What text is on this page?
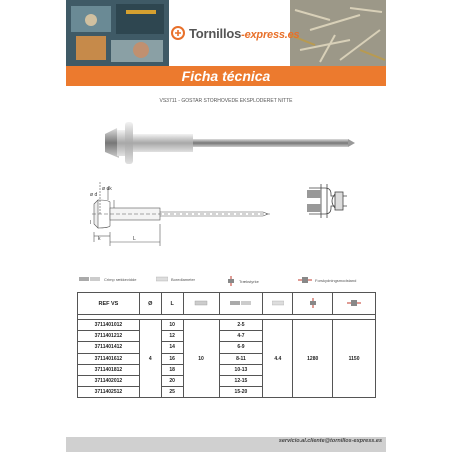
Tornillos-express.es
Ficha técnica
VS3711 - GOSTAR STORHOVEDE EKSPLODERET NITTE
ø dk
ø d
k
l
L
Crimp rækkevidde	Boredlameter	Trækstyrke	Forskydningsmodstand
REF VS	Ø	L					

3711401012	4	10	10	2-5	4.4	1280	1150
3711401212		12		4-7			
3711401412		14		6-9			
3711401612		16		8-11			
3711401812		18		10-13			
3711402012		20		12-15			
3711402512		25		15-20			
servicio.al.cliente@tornillos-express.es
